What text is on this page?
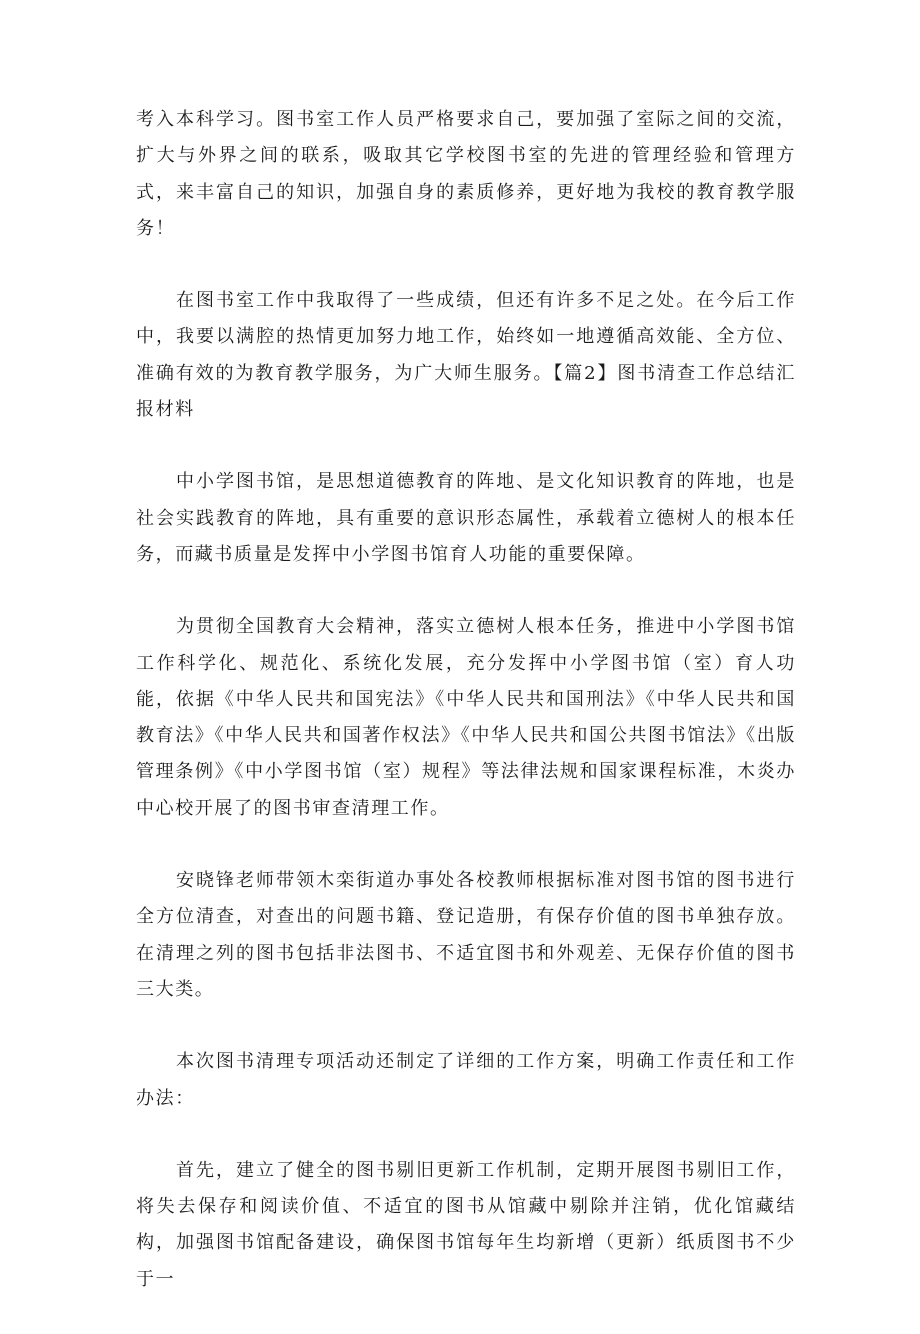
考入本科学习。图书室工作人员严格要求自己，要加强了室际之间的交流，扩大与外界之间的联系，吸取其它学校图书室的先进的管理经验和管理方式，来丰富自己的知识，加强自身的素质修养，更好地为我校的教育教学服务！

在图书室工作中我取得了一些成绩，但还有许多不足之处。在今后工作中，我要以满腔的热情更加努力地工作，始终如一地遵循高效能、全方位、准确有效的为教育教学服务，为广大师生服务。【篇2】图书清查工作总结汇报材料

中小学图书馆，是思想道德教育的阵地、是文化知识教育的阵地，也是社会实践教育的阵地，具有重要的意识形态属性，承载着立德树人的根本任务，而藏书质量是发挥中小学图书馆育人功能的重要保障。

为贯彻全国教育大会精神，落实立德树人根本任务，推进中小学图书馆工作科学化、规范化、系统化发展，充分发挥中小学图书馆（室）育人功能，依据《中华人民共和国宪法》《中华人民共和国刑法》《中华人民共和国教育法》《中华人民共和国著作权法》《中华人民共和国公共图书馆法》《出版管理条例》《中小学图书馆（室）规程》等法律法规和国家课程标准，木炎办中心校开展了的图书审查清理工作。

安晓锋老师带领木栾街道办事处各校教师根据标准对图书馆的图书进行全方位清查，对查出的问题书籍、登记造册，有保存价值的图书单独存放。在清理之列的图书包括非法图书、不适宜图书和外观差、无保存价值的图书三大类。

本次图书清理专项活动还制定了详细的工作方案，明确工作责任和工作办法：

首先，建立了健全的图书剔旧更新工作机制，定期开展图书剔旧工作，将失去保存和阅读价值、不适宜的图书从馆藏中剔除并注销，优化馆藏结构，加强图书馆配备建设，确保图书馆每年生均新增（更新）纸质图书不少于一
